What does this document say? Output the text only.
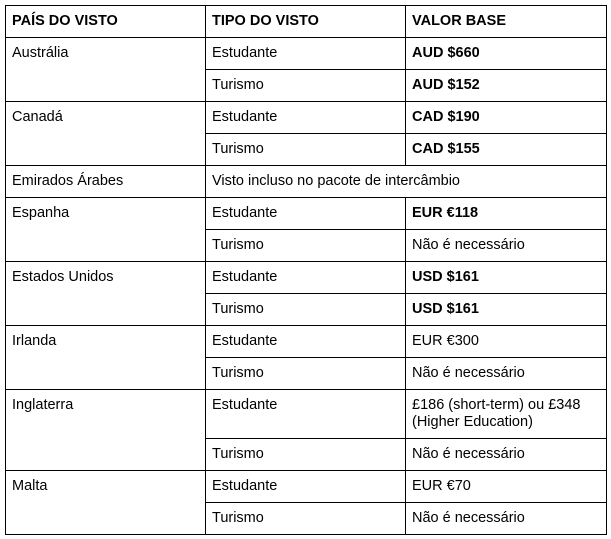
PAÍS DO VISTO	TIPO DO VISTO	VALOR BASE
Austrália	Estudante	AUD $660
	Turismo	AUD $152
Canadá	Estudante	CAD $190
	Turismo	CAD $155
Emirados Árabes	Visto incluso no pacote de intercâmbio	
Espanha	Estudante	EUR €118
	Turismo	Não é necessário
Estados Unidos	Estudante	USD $161
	Turismo	USD $161
Irlanda	Estudante	EUR €300
	Turismo	Não é necessário
Inglaterra	Estudante	£186 (short-term) ou £348 (Higher Education)
	Turismo	Não é necessário
Malta	Estudante	EUR €70
	Turismo	Não é necessário
